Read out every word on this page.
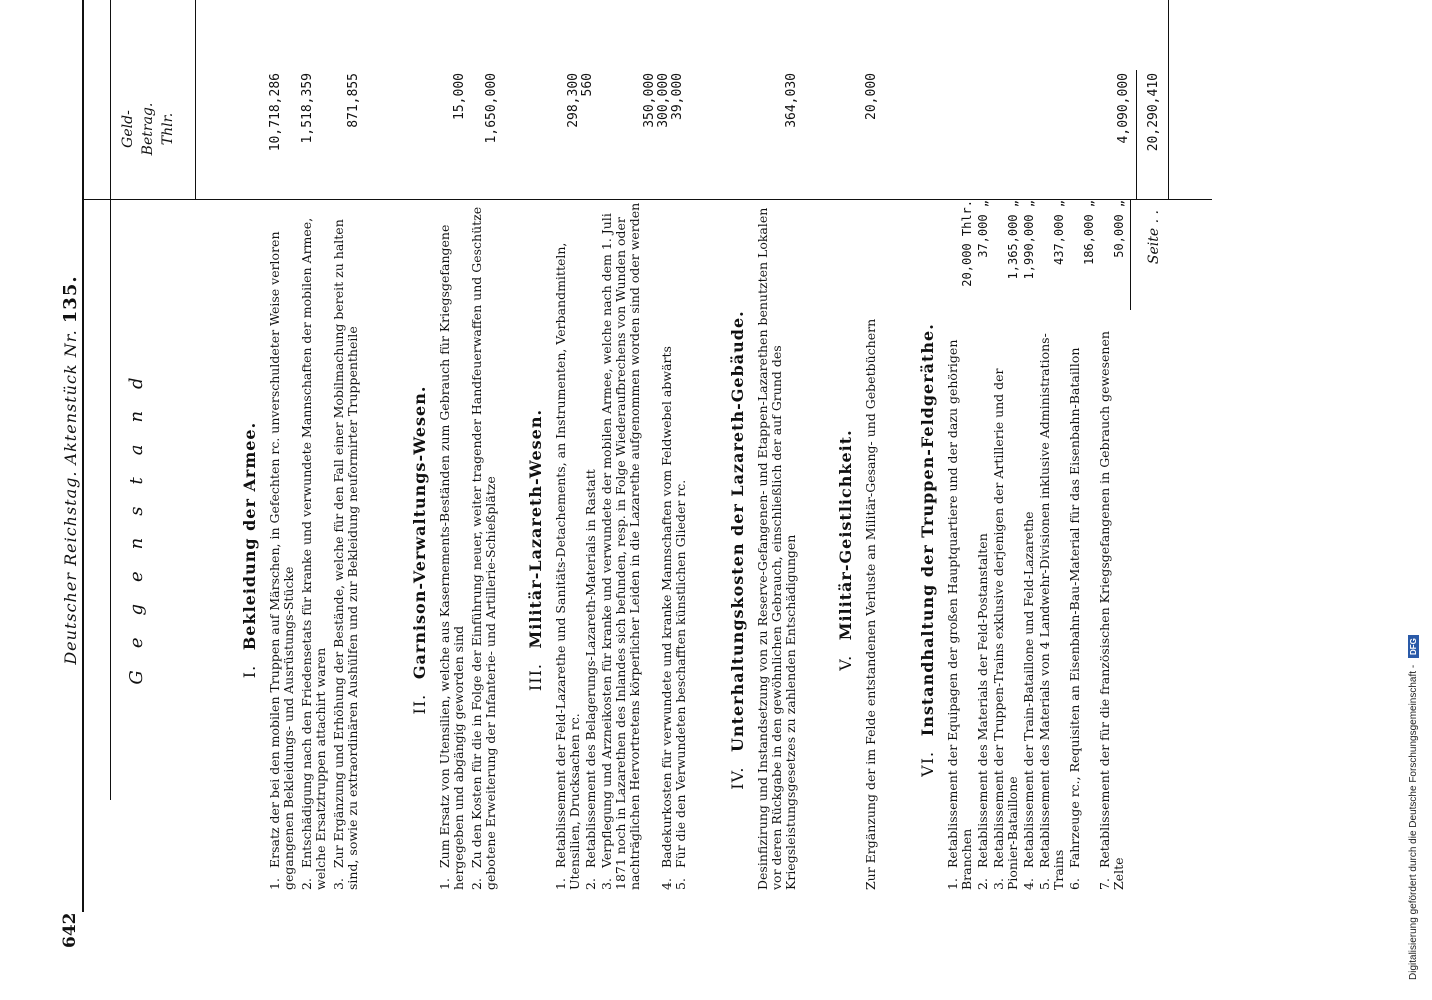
642
Deutscher Reichstag. Aktenstück Nr. 135.
Gegenstand
Geld- Betrag. Thlr.
I. Bekleidung der Armee.
1. Ersatz der bei den mobilen Truppen auf Märschen, in Gefechten rc. unverschuldeter Weise verloren gegangenen Bekleidungs- und Ausrüstungs-Stücke
10,718,286
2. Entschädigung nach den Friedensetats für kranke und verwundete Mannschaften der mobilen Armee, welche Ersatztruppen attachirt waren
1,518,359
3. Zur Ergänzung und Erhöhung der Bestände, welche für den Fall einer Mobilmachung bereit zu halten sind, sowie zu extraordinären Aushülfen und zur Bekleidung neuformirter Truppentheile
871,855
II. Garnison-Verwaltungs-Wesen.
1. Zum Ersatz von Utensilien, welche aus Kasernements-Beständen zum Gebrauch für Kriegsgefangene hergegeben und abgängig geworden sind
15,000
2. Zu den Kosten für die in Folge der Einführung neuer, weiter tragender Handfeuerwaffen und Geschütze gebotene Erweiterung der Infanterie- und Artillerie-Schießplätze
1,650,000
III. Militär-Lazareth-Wesen.
1. Retablissement der Feld-Lazarethe und Sanitäts-Detachements, an Instrumenten, Verbandmitteln, Utensilien, Drucksachen rc.
298,300
2. Retablissement des Belagerungs-Lazareth-Materials in Rastatt
560
3. Verpflegung und Arzneikosten für kranke und verwundete der mobilen Armee, welche nach dem 1. Juli 1871 noch in Lazarethen des Inlandes sich befunden, resp. in Folge Wiederaufbrechens von Wunden oder nachträglichen Hervortretens körperlicher Leiden in die Lazarethe aufgenommen worden sind oder werden
350,000
4. Badekurkosten für verwundete und kranke Mannschaften vom Feldwebel abwärts
300,000
5. Für die den Verwundeten beschafften künstlichen Glieder rc.
39,000
IV. Unterhaltungskosten der Lazareth-Gebäude. Desinfizirung und Instandsetzung von zu Reserve-Gefangenen- und Etappen-Lazarethen benutzten Lokalen vor deren Rückgabe in den gewöhnlichen Gebrauch, einschließlich der auf Grund des Kriegsleistungsgesetzes zu zahlenden Entschädigungen
364,030
V. Militär-Geistlichkeit. Zur Ergänzung der im Felde entstandenen Verluste an Militär-Gesang- und Gebetbüchern
20,000
VI. Instandhaltung der Truppen-Feldgeräthe.
1. Retablissement der Equipagen der großen Hauptquartiere und der dazu gehörigen Branchen
20,000 Thlr.
2. Retablissement des Materials der Feld-Postanstalten
37,000 „
3. Retablissement der Truppen-Trains exklusive derjenigen der Artillerie und der Pionier-Bataillone
1,365,000 „
4. Retablissement der Train-Bataillone und Feld-Lazarethe
1,990,000 „
5. Retablissement des Materials von 4 Landwehr-Divisionen inklusive Administrations-Trains
437,000 „
6. Fahrzeuge rc., Requisiten an Eisenbahn-Bau-Material für das Eisenbahn-Bataillon
186,000 „
7. Retablissement der für die französischen Kriegsgefangenen in Gebrauch gewesenen Zelte
50,000 „
4,090,000
Seite . .
20,290,410
Digitalisierung gefördert durch die Deutsche Forschungsgemeinschaft - DFG
